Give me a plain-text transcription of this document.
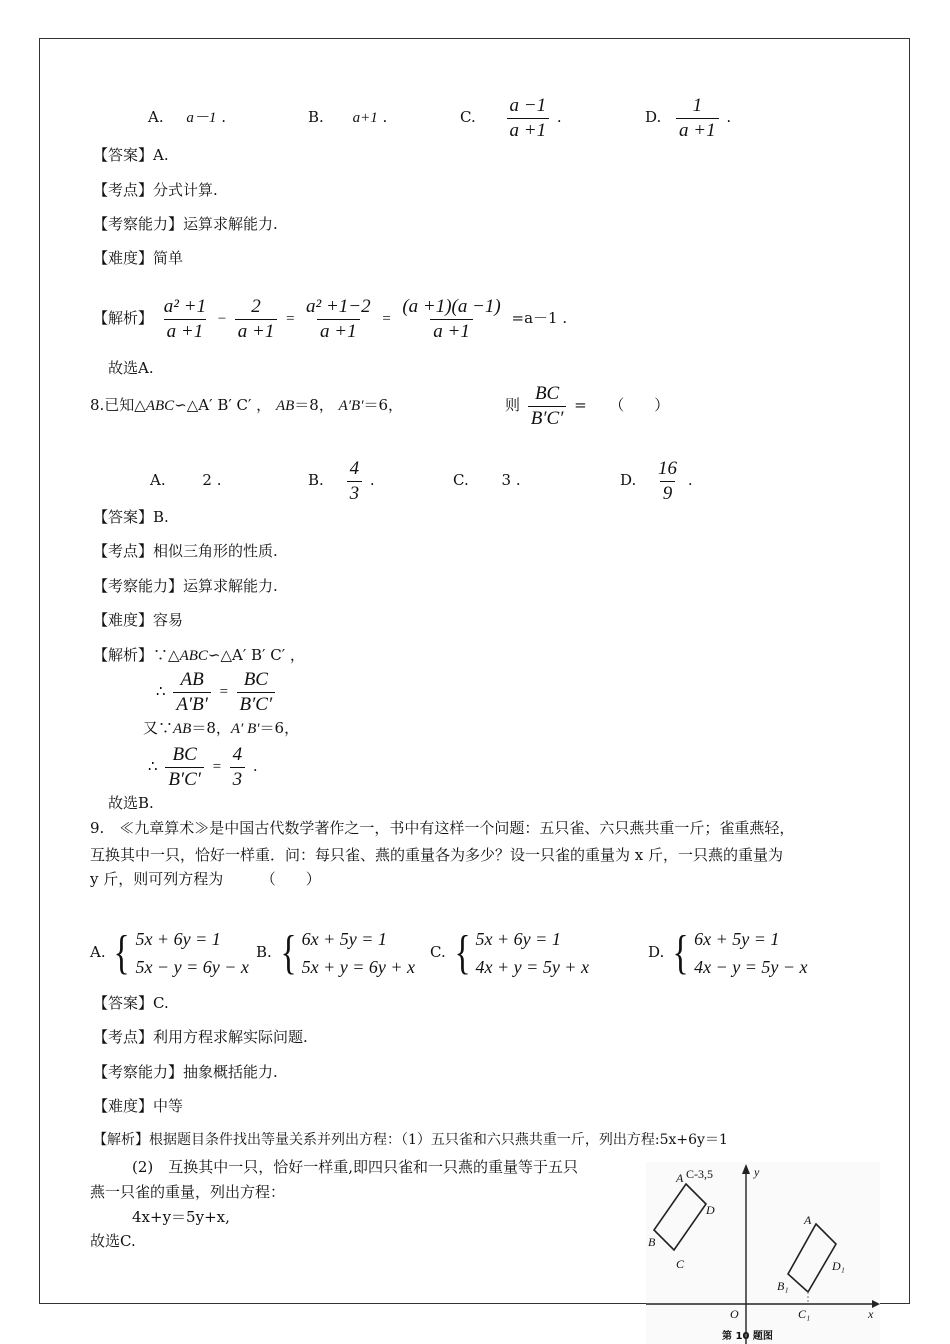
A. a－1 .	B. a+1 .	C. $\frac{a -1}{a +1}$ .	D. $\frac{1}{a +1}$ .
【答案】A.
【考点】分式计算.
【考察能力】运算求解能力.
【难度】简单
【解析】 $\frac{\text{a² +1}}{a +1} - \frac{2}{a +1} = \frac{\text{a² +1−2}}{a +1} = \frac{(a +1)(a -1)}{a +1} =a-1$ .
故选A.
8.已知△ABC∽△A′ B′ C′ ， AB＝8， A′B′＝6，	则 $\frac{BC}{B'C'}$ =　　（　　）
A. 2 .	B. $\frac{4}{3}$ .	C. 3 .	D. $\frac{16}{9}$ .
【答案】B.
【考点】相似三角形的性质.
【考察能力】运算求解能力.
【难度】容易
【解析】∵△ABC∽△A′ B′ C′ ，
∴ $\frac{AB}{A'B'} = \frac{BC}{B'C'}$
又∵AB＝8，A′ B′＝6，
∴ $\frac{BC}{B'C'} = \frac{4}{3}$ .
故选B.
9.　≪九章算术≫是中国古代数学著作之一，书中有这样一个问题：五只雀、六只燕共重一斤；雀重燕轻，
互换其中一只，恰好一样重．问：每只雀、燕的重量各为多少？设一只雀的重量为 x 斤，一只燕的重量为
y 斤，则可列方程为　　　（　　）
A. { 5x + 6y = 1
5x − y = 6y − x
B. { 6x + 5y = 1
5x + y = 6y + x
C. { 5x + 6y = 1
4x + y = 5y + x
D. { 6x + 5y = 1
4x − y = 5y − x
【答案】C.
【考点】利用方程求解实际问题.
【考察能力】抽象概括能力.
【难度】中等
【解析】根据题目条件找出等量关系并列出方程：（1）五只雀和六只燕共重一斤，列出方程:5x+6y＝1
(2)　互换其中一只，恰好一样重,即四只雀和一只燕的重量等于五只
燕一只雀的重量，列出方程：
4x+y＝5y+x,
故选C.
A C-3,5
D
B
C
A
D₁
B₁
C₁
O	x
y
第 10 题图
